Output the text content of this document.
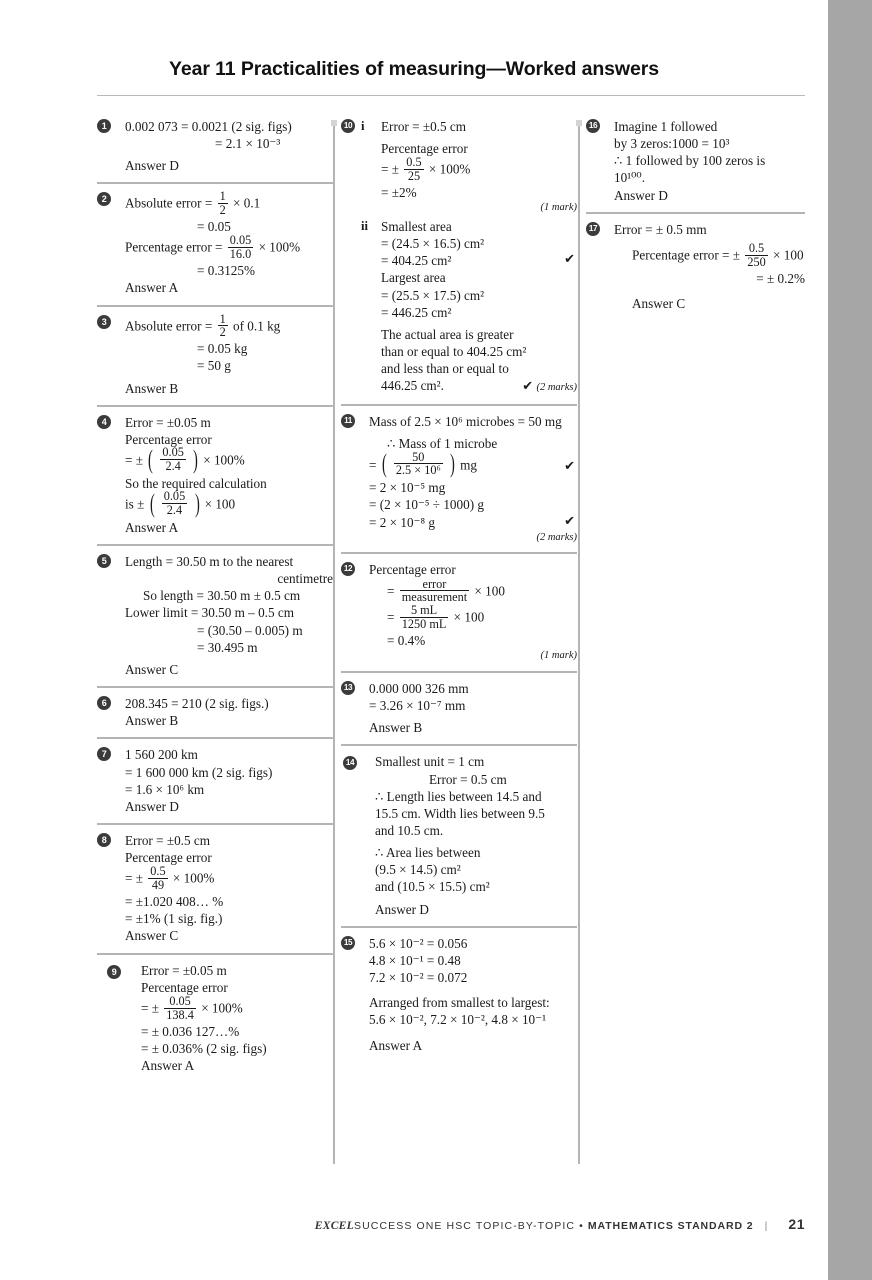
Year 11 Practicalities of measuring—Worked answers
1	0.002 073 = 0.0021 (2 sig. figs)
= 2.1 × 10⁻³
Answer D
2	Absolute error = $\frac{1}{2} \times 0.1$
= 0.05
Percentage error = $\frac{0.05}{16.0} \times 100\%$
= 0.3125%
Answer A
3	Absolute error = $\frac{1}{2}$ of 0.1 kg
= 0.05 kg
= 50 g
Answer B
4	Error = ±0.05 m
Percentage error
= ± ( $\frac{0.05}{2.4}$ ) × 100%
So the required calculation
is ± ( $\frac{0.05}{2.4}$ ) × 100
Answer A
5	Length = 30.50 m to the nearest
centimetre
So length = 30.50 m ± 0.5 cm
Lower limit = 30.50 m – 0.5 cm
= (30.50 – 0.005) m
= 30.495 m
Answer C
6	208.345 = 210 (2 sig. figs.)
Answer B
7	1 560 200 km
= 1 600 000 km (2 sig. figs)
= 1.6 × 10⁶ km
Answer D
8	Error = ±0.5 cm
Percentage error
= ± $\frac{0.5}{49} \times 100\%$
= ±1.020 408… %
= ±1% (1 sig. fig.)
Answer C
9	Error = ±0.05 m
Percentage error
= ± $\frac{0.05}{138.4} \times 100\%$
= ± 0.036 127…%
= ± 0.036% (2 sig. figs)
Answer A
10 i Error = ±0.5 cm
Percentage error
= ± $\frac{0.5}{25} \times 100\%$
= ±2%
(1 mark)
ii Smallest area
= (24.5 × 16.5) cm²
= 404.25 cm²	✔
Largest area
= (25.5 × 17.5) cm²
= 446.25 cm²
The actual area is greater
than or equal to 404.25 cm²
and less than or equal to
446.25 cm².	✔ (2 marks)
11 Mass of 2.5 × 10⁶ microbes = 50 mg
∴ Mass of 1 microbe
= ( $\frac{50}{\text{2.5 × 10⁶}}$ ) mg	✔
= 2 × 10⁻⁵ mg
= (2 × 10⁻⁵ ÷ 1000) g
= 2 × 10⁻⁸ g	✔
(2 marks)
12 Percentage error
= $\frac{\text{error}}{\text{measurement}} \times 100$
= $\frac{5 mL}{1250 mL} \times 100$
= 0.4%
(1 mark)
13 0.000 000 326 mm
= 3.26 × 10⁻⁷ mm
Answer B
14 Smallest unit = 1 cm
Error = 0.5 cm
∴ Length lies between 14.5 and
15.5 cm. Width lies between 9.5
and 10.5 cm.
∴ Area lies between
(9.5 × 14.5) cm²
and (10.5 × 15.5) cm²
Answer D
15 5.6 × 10⁻² = 0.056
4.8 × 10⁻¹ = 0.48
7.2 × 10⁻² = 0.072
Arranged from smallest to largest:
5.6 × 10⁻², 7.2 × 10⁻², 4.8 × 10⁻¹
Answer A
16 Imagine 1 followed
by 3 zeros:1000 = 10³
∴ 1 followed by 100 zeros is
10¹⁰⁰.
Answer D
17 Error = ± 0.5 mm
Percentage error = ± $\frac{0.5}{250} \times 100$
= ± 0.2%
Answer C
EXCELSUCCESS ONE HSC TOPIC-BY-TOPIC • MATHEMATICS STANDARD 2 | 21
